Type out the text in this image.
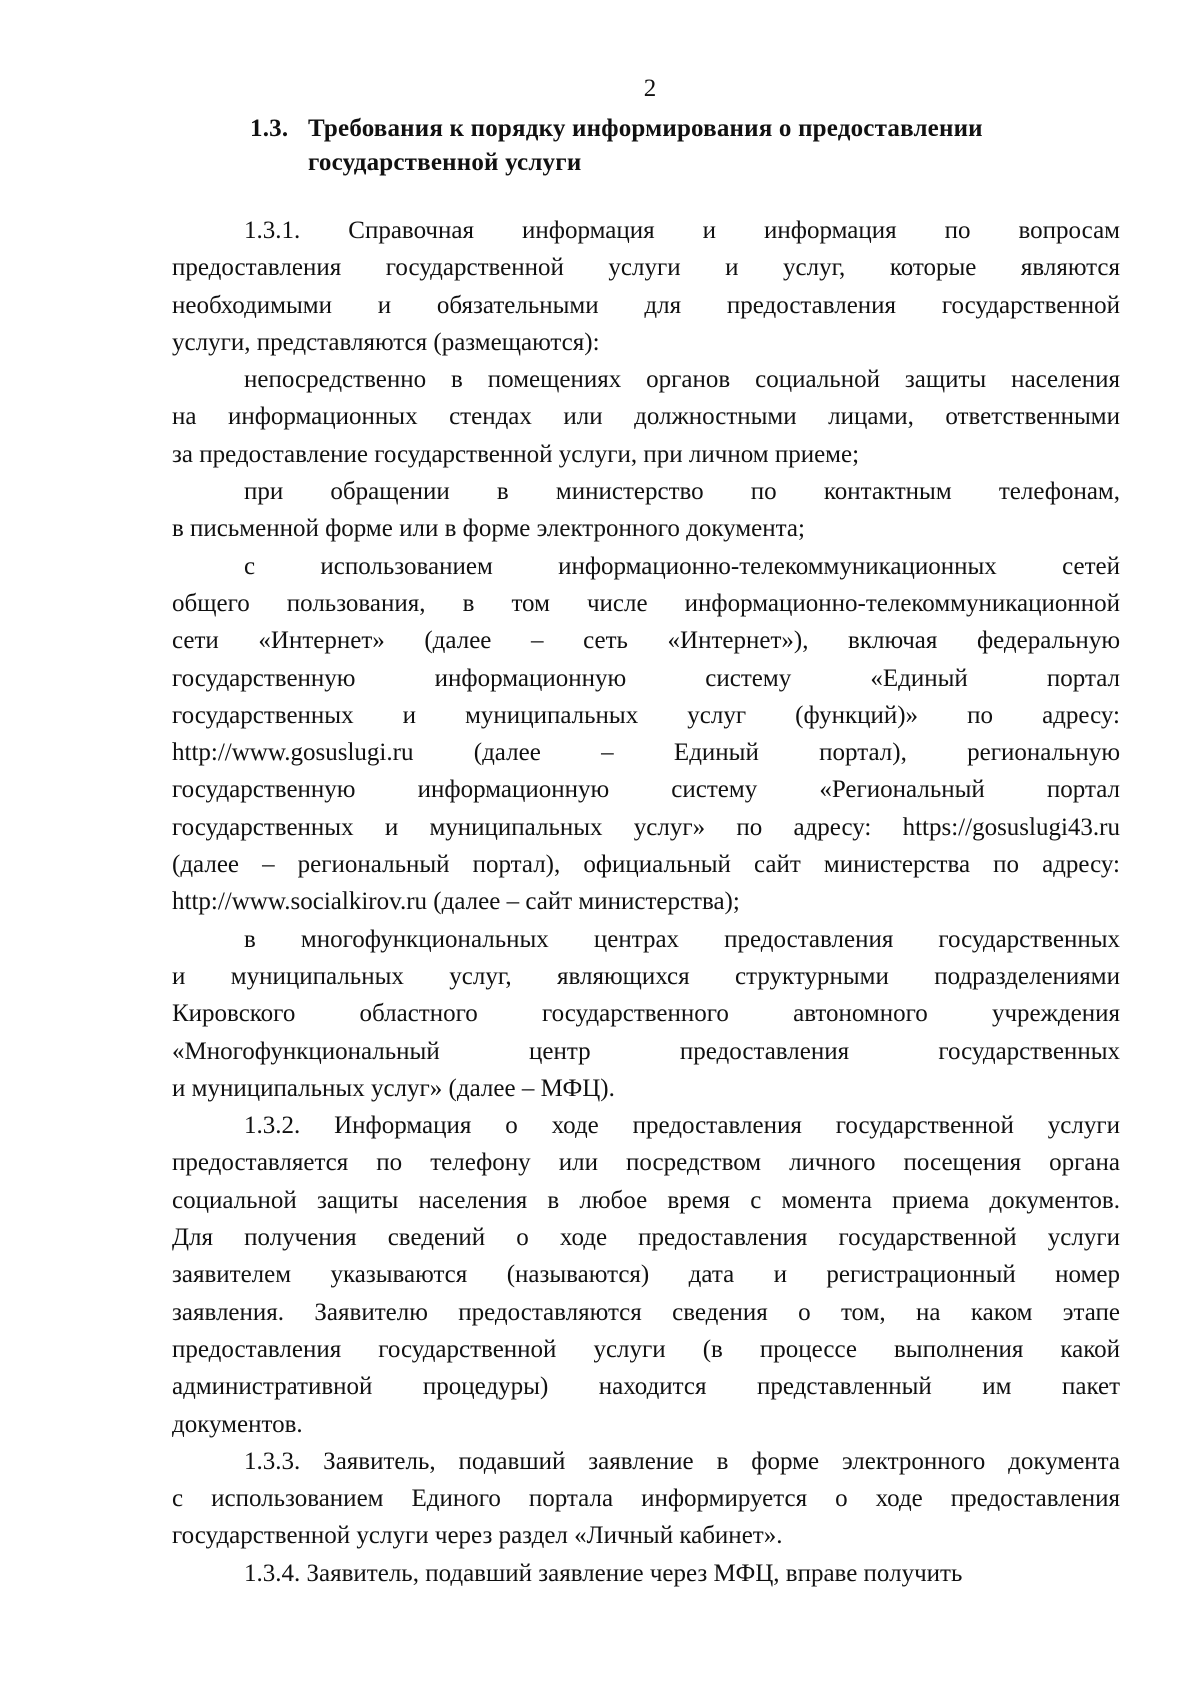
2
1.3. Требования к порядку информирования о предоставлении
государственной услуги
1.3.1. Справочная информация и информация по вопросам
предоставления государственной услуги и услуг, которые являются
необходимыми и обязательными для предоставления государственной
услуги, представляются (размещаются):
непосредственно в помещениях органов социальной защиты населения
на информационных стендах или должностными лицами, ответственными
за предоставление государственной услуги, при личном приеме;
при обращении в министерство по контактным телефонам,
в письменной форме или в форме электронного документа;
с использованием информационно-телекоммуникационных сетей
общего пользования, в том числе информационно-телекоммуникационной
сети «Интернет» (далее – сеть «Интернет»), включая федеральную
государственную информационную систему «Единый портал
государственных и муниципальных услуг (функций)» по адресу:
http://www.gosuslugi.ru (далее – Единый портал), региональную
государственную информационную систему «Региональный портал
государственных и муниципальных услуг» по адресу: https://gosuslugi43.ru
(далее – региональный портал), официальный сайт министерства по адресу:
http://www.socialkirov.ru (далее – сайт министерства);
в многофункциональных центрах предоставления государственных
и муниципальных услуг, являющихся структурными подразделениями
Кировского областного государственного автономного учреждения
«Многофункциональный центр предоставления государственных
и муниципальных услуг» (далее – МФЦ).
1.3.2. Информация о ходе предоставления государственной услуги
предоставляется по телефону или посредством личного посещения органа
социальной защиты населения в любое время с момента приема документов.
Для получения сведений о ходе предоставления государственной услуги
заявителем указываются (называются) дата и регистрационный номер
заявления. Заявителю предоставляются сведения о том, на каком этапе
предоставления государственной услуги (в процессе выполнения какой
административной процедуры) находится представленный им пакет
документов.
1.3.3. Заявитель, подавший заявление в форме электронного документа
с использованием Единого портала информируется о ходе предоставления
государственной услуги через раздел «Личный кабинет».
1.3.4. Заявитель, подавший заявление через МФЦ, вправе получить
